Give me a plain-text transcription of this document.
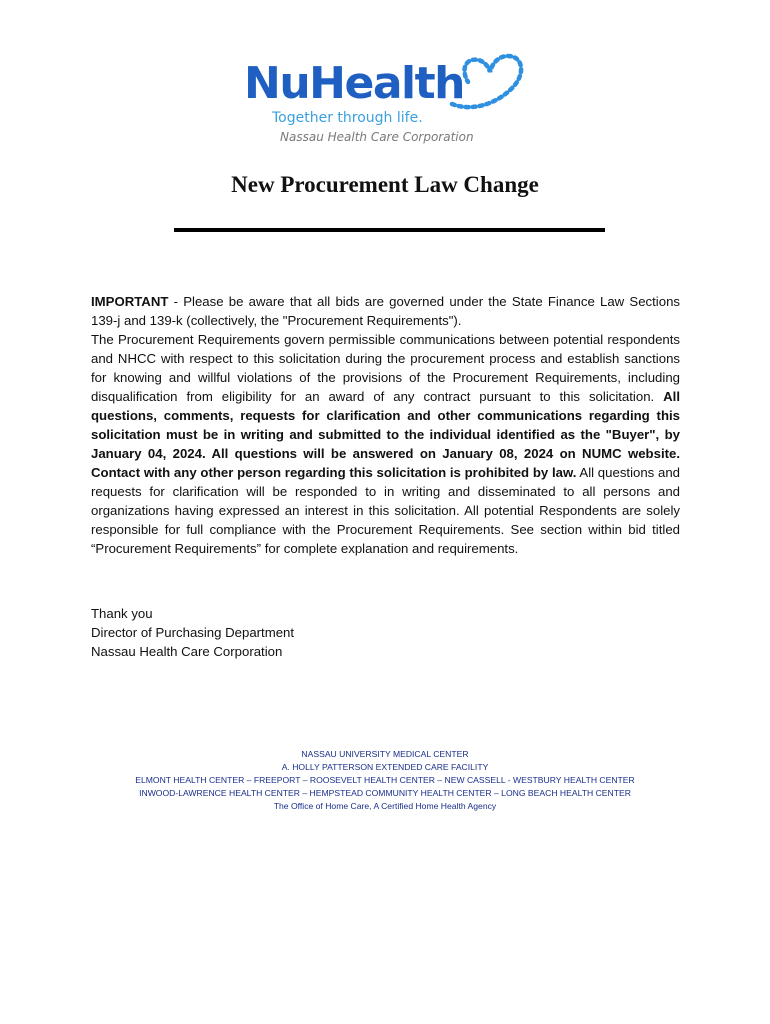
NuHealth
Together through life.
Nassau Health Care Corporation
New Procurement Law Change

IMPORTANT - Please be aware that all bids are governed under the State Finance Law Sections 139-j and 139-k (collectively, the "Procurement Requirements").

The Procurement Requirements govern permissible communications between potential respondents and NHCC with respect to this solicitation during the procurement process and establish sanctions for knowing and willful violations of the provisions of the Procurement Requirements, including disqualification from eligibility for an award of any contract pursuant to this solicitation. All questions, comments, requests for clarification and other communications regarding this solicitation must be in writing and submitted to the individual identified as the "Buyer", by January 04, 2024. All questions will be answered on January 08, 2024 on NUMC website. Contact with any other person regarding this solicitation is prohibited by law. All questions and requests for clarification will be responded to in writing and disseminated to all persons and organizations having expressed an interest in this solicitation. All potential Respondents are solely responsible for full compliance with the Procurement Requirements. See section within bid titled “Procurement Requirements” for complete explanation and requirements.

Thank you
Director of Purchasing Department
Nassau Health Care Corporation
NASSAU UNIVERSITY MEDICAL CENTER
A. HOLLY PATTERSON EXTENDED CARE FACILITY
ELMONT HEALTH CENTER – FREEPORT – ROOSEVELT HEALTH CENTER – NEW CASSELL - WESTBURY HEALTH CENTER
INWOOD-LAWRENCE HEALTH CENTER – HEMPSTEAD COMMUNITY HEALTH CENTER – LONG BEACH HEALTH CENTER
The Office of Home Care, A Certified Home Health Agency
